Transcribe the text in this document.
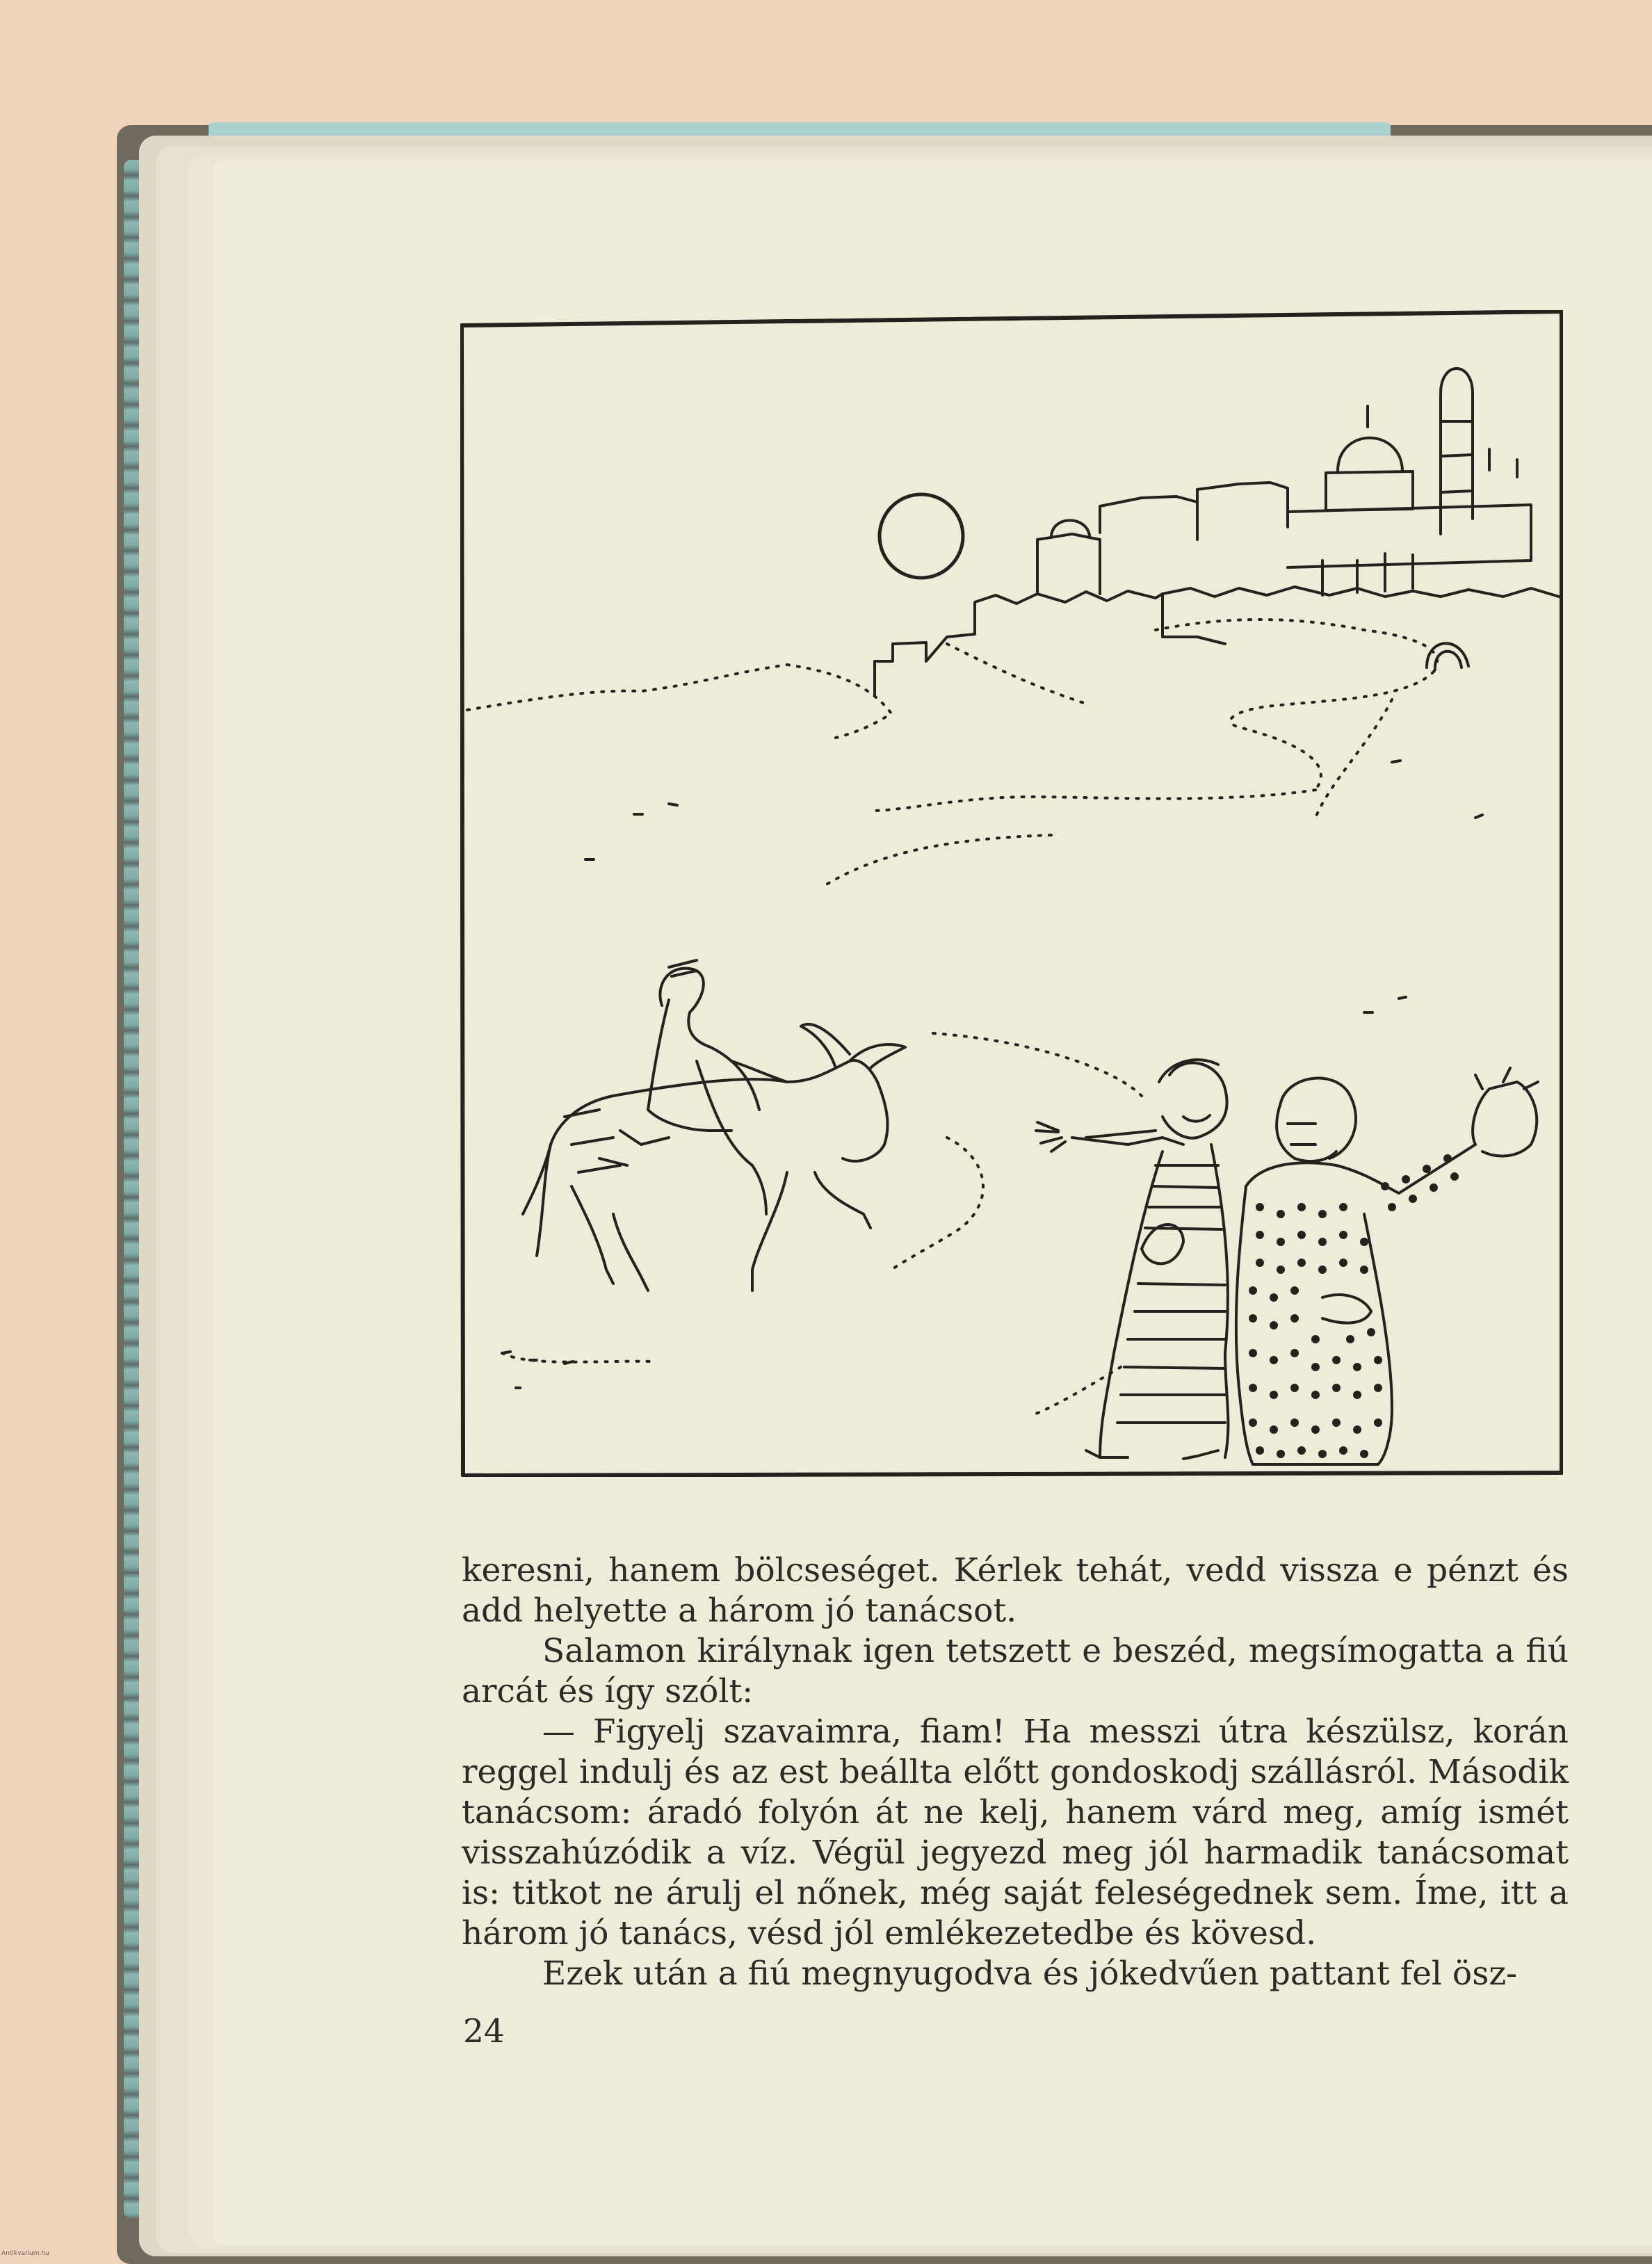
keresni, hanem bölcseséget. Kérlek tehát, vedd vissza e pénzt és add helyette a három jó tanácsot.

Salamon királynak igen tetszett e beszéd, megsímogatta a fiú arcát és így szólt:

— Figyelj szavaimra, fiam! Ha messzi útra készülsz, korán reggel indulj és az est beállta előtt gondoskodj szállásról. Második tanácsom: áradó folyón át ne kelj, hanem várd meg, amíg ismét visszahúzódik a víz. Végül jegyezd meg jól harmadik tanácsomat is: titkot ne árulj el nőnek, még saját feleségednek sem. Íme, itt a három jó tanács, vésd jól emlékezetedbe és kövesd.

Ezek után a fiú megnyugodva és jókedvűen pattant fel ösz-

24
Antikvarium.hu
